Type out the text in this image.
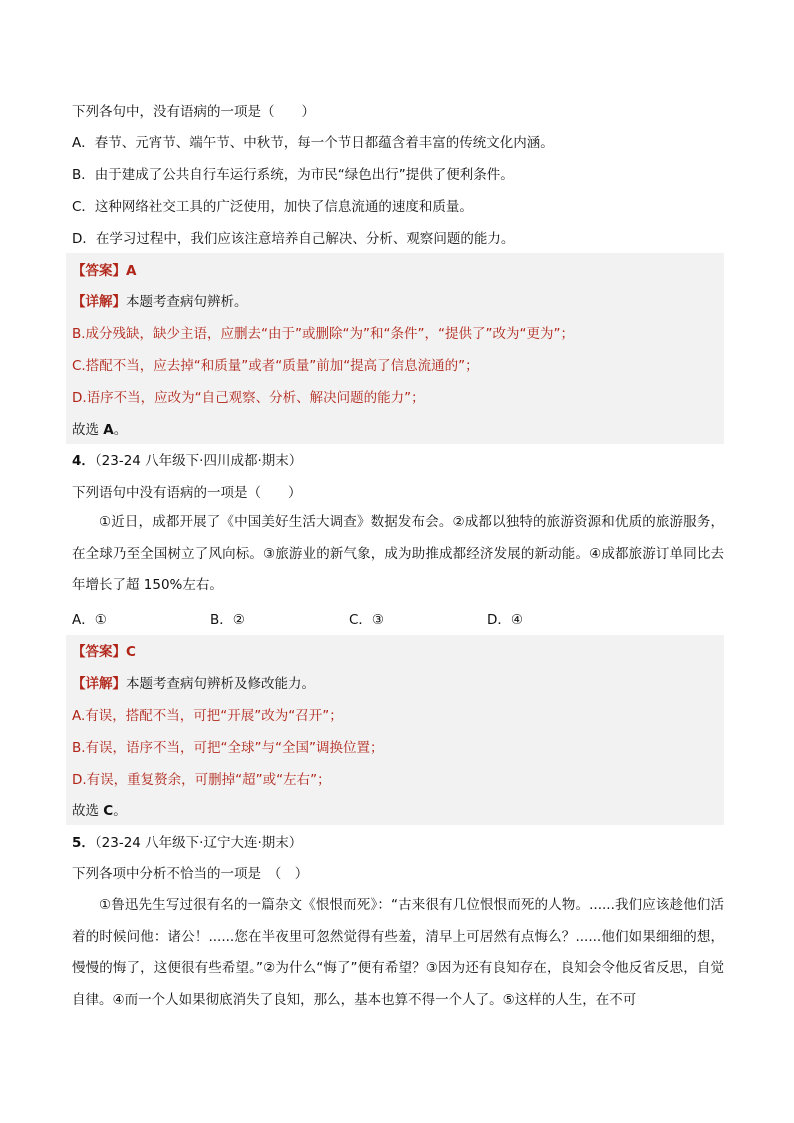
下列各句中，没有语病的一项是（　　）
A．春节、元宵节、端午节、中秋节，每一个节日都蕴含着丰富的传统文化内涵。
B．由于建成了公共自行车运行系统，为市民“绿色出行”提供了便利条件。
C．这种网络社交工具的广泛使用，加快了信息流通的速度和质量。
D．在学习过程中，我们应该注意培养自己解决、分析、观察问题的能力。
【答案】A
【详解】本题考查病句辨析。
B.成分残缺，缺少主语，应删去“由于”或删除“为”和“条件”，“提供了”改为“更为”；
C.搭配不当，应去掉“和质量”或者“质量”前加“提高了信息流通的”；
D.语序不当，应改为“自己观察、分析、解决问题的能力”；
故选 A。
4．（23-24 八年级下·四川成都·期末）
下列语句中没有语病的一项是（　　）
①近日，成都开展了《中国美好生活大调查》数据发布会。②成都以独特的旅游资源和优质的旅游服务，在全球乃至全国树立了风向标。③旅游业的新气象，成为助推成都经济发展的新动能。④成都旅游订单同比去年增长了超 150%左右。
A．①	B．②	C．③	D．④
【答案】C
【详解】本题考查病句辨析及修改能力。
A.有误，搭配不当，可把“开展”改为“召开”；
B.有误，语序不当，可把“全球”与“全国”调换位置；
D.有误，重复赘余，可删掉“超”或“左右”；
故选 C。
5．（23-24 八年级下·辽宁大连·期末）
下列各项中分析不恰当的一项是　（　）
①鲁迅先生写过很有名的一篇杂文《恨恨而死》：“古来很有几位恨恨而死的人物。......我们应该趁他们活着的时候问他：诸公！......您在半夜里可忽然觉得有些羞，清早上可居然有点悔么？......他们如果细细的想，慢慢的悔了，这便很有些希望。”②为什么“悔了”便有希望？③因为还有良知存在，良知会令他反省反思，自觉自律。④而一个人如果彻底消失了良知，那么，基本也算不得一个人了。⑤这样的人生，在不可
